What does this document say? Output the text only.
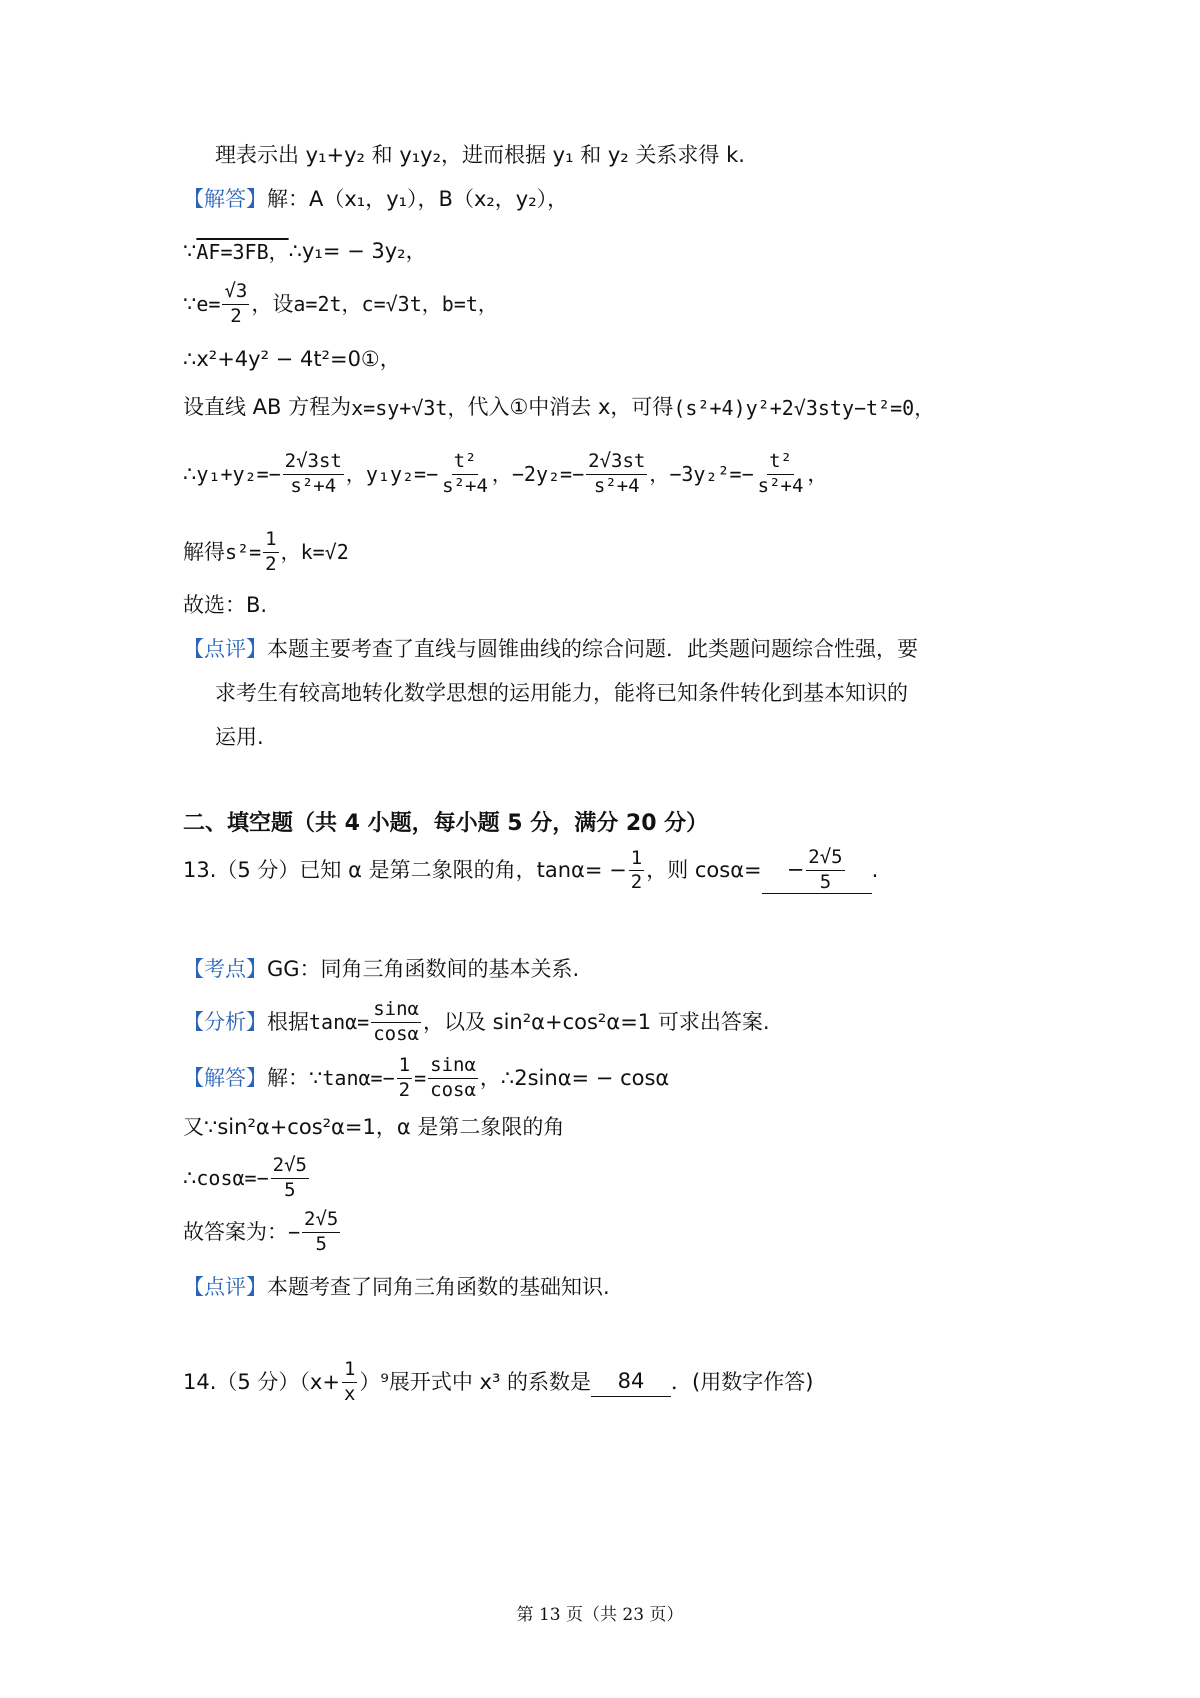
理表示出 y₁+y₂ 和 y₁y₂，进而根据 y₁ 和 y₂ 关系求得 k.
【解答】 解：A（x₁，y₁），B（x₂，y₂），
∵ AF=3FB， ∴y₁= − 3y₂，
∵ $e= \frac{√3}{2}$ ，设 a=2t ，c=√3t，b=t，
∴x²+4y² − 4t²=0①，
设直线 AB 方程为 x=sy+√3t， 代入①中消去 x，可得 (s²+4)y²+2√3sty−t²=0，
∴ $y_1+y_2=- \frac{2√3st}{\text{s²+4}}$ ，$y_1y_2=- \frac{\text{t²}}{\text{s²+4}}$ ，$-2y_2=- \frac{2√3st}{\text{s²+4}}$ ，$-3y_2^2=- \frac{\text{t²}}{\text{s²+4}}$ ，
解得 $s^2= \frac{1}{2}$ ，k=√2
故选：B.
【点评】 本题主要考查了直线与圆锥曲线的综合问题．此类题问题综合性强，要
求考生有较高地转化数学思想的运用能力，能将已知条件转化到基本知识的
运用.
二、填空题（共 4 小题，每小题 5 分，满分 20 分）
13.（5 分）已知 α 是第二象限的角，$\tan\alpha= - \frac{1}{2}$ ，则 cosα=	− $\frac{2√5}{5}$ .
【考点】 GG：同角三角函数间的基本关系.
【分析】 根据 $\tan\alpha= \frac{\sin\alpha}{\cos\alpha}$ ，以及 sin²α+cos²α=1 可求出答案.
【解答】 解：∵ $\tan\alpha=- \frac{1}{2} = \frac{\sin\alpha}{\cos\alpha}$ ，∴2sinα= − cosα
又∵sin²α+cos²α=1，α 是第二象限的角
∴ $\cos\alpha=- \frac{2√5}{5}$
故答案为： − $\frac{2√5}{5}$
【点评】 本题考查了同角三角函数的基础知识.
14.（5 分）$(x+ \frac{1}{x} )^9$展开式中 x³ 的系数是	84	．(用数字作答)
第 13 页（共 23 页）
